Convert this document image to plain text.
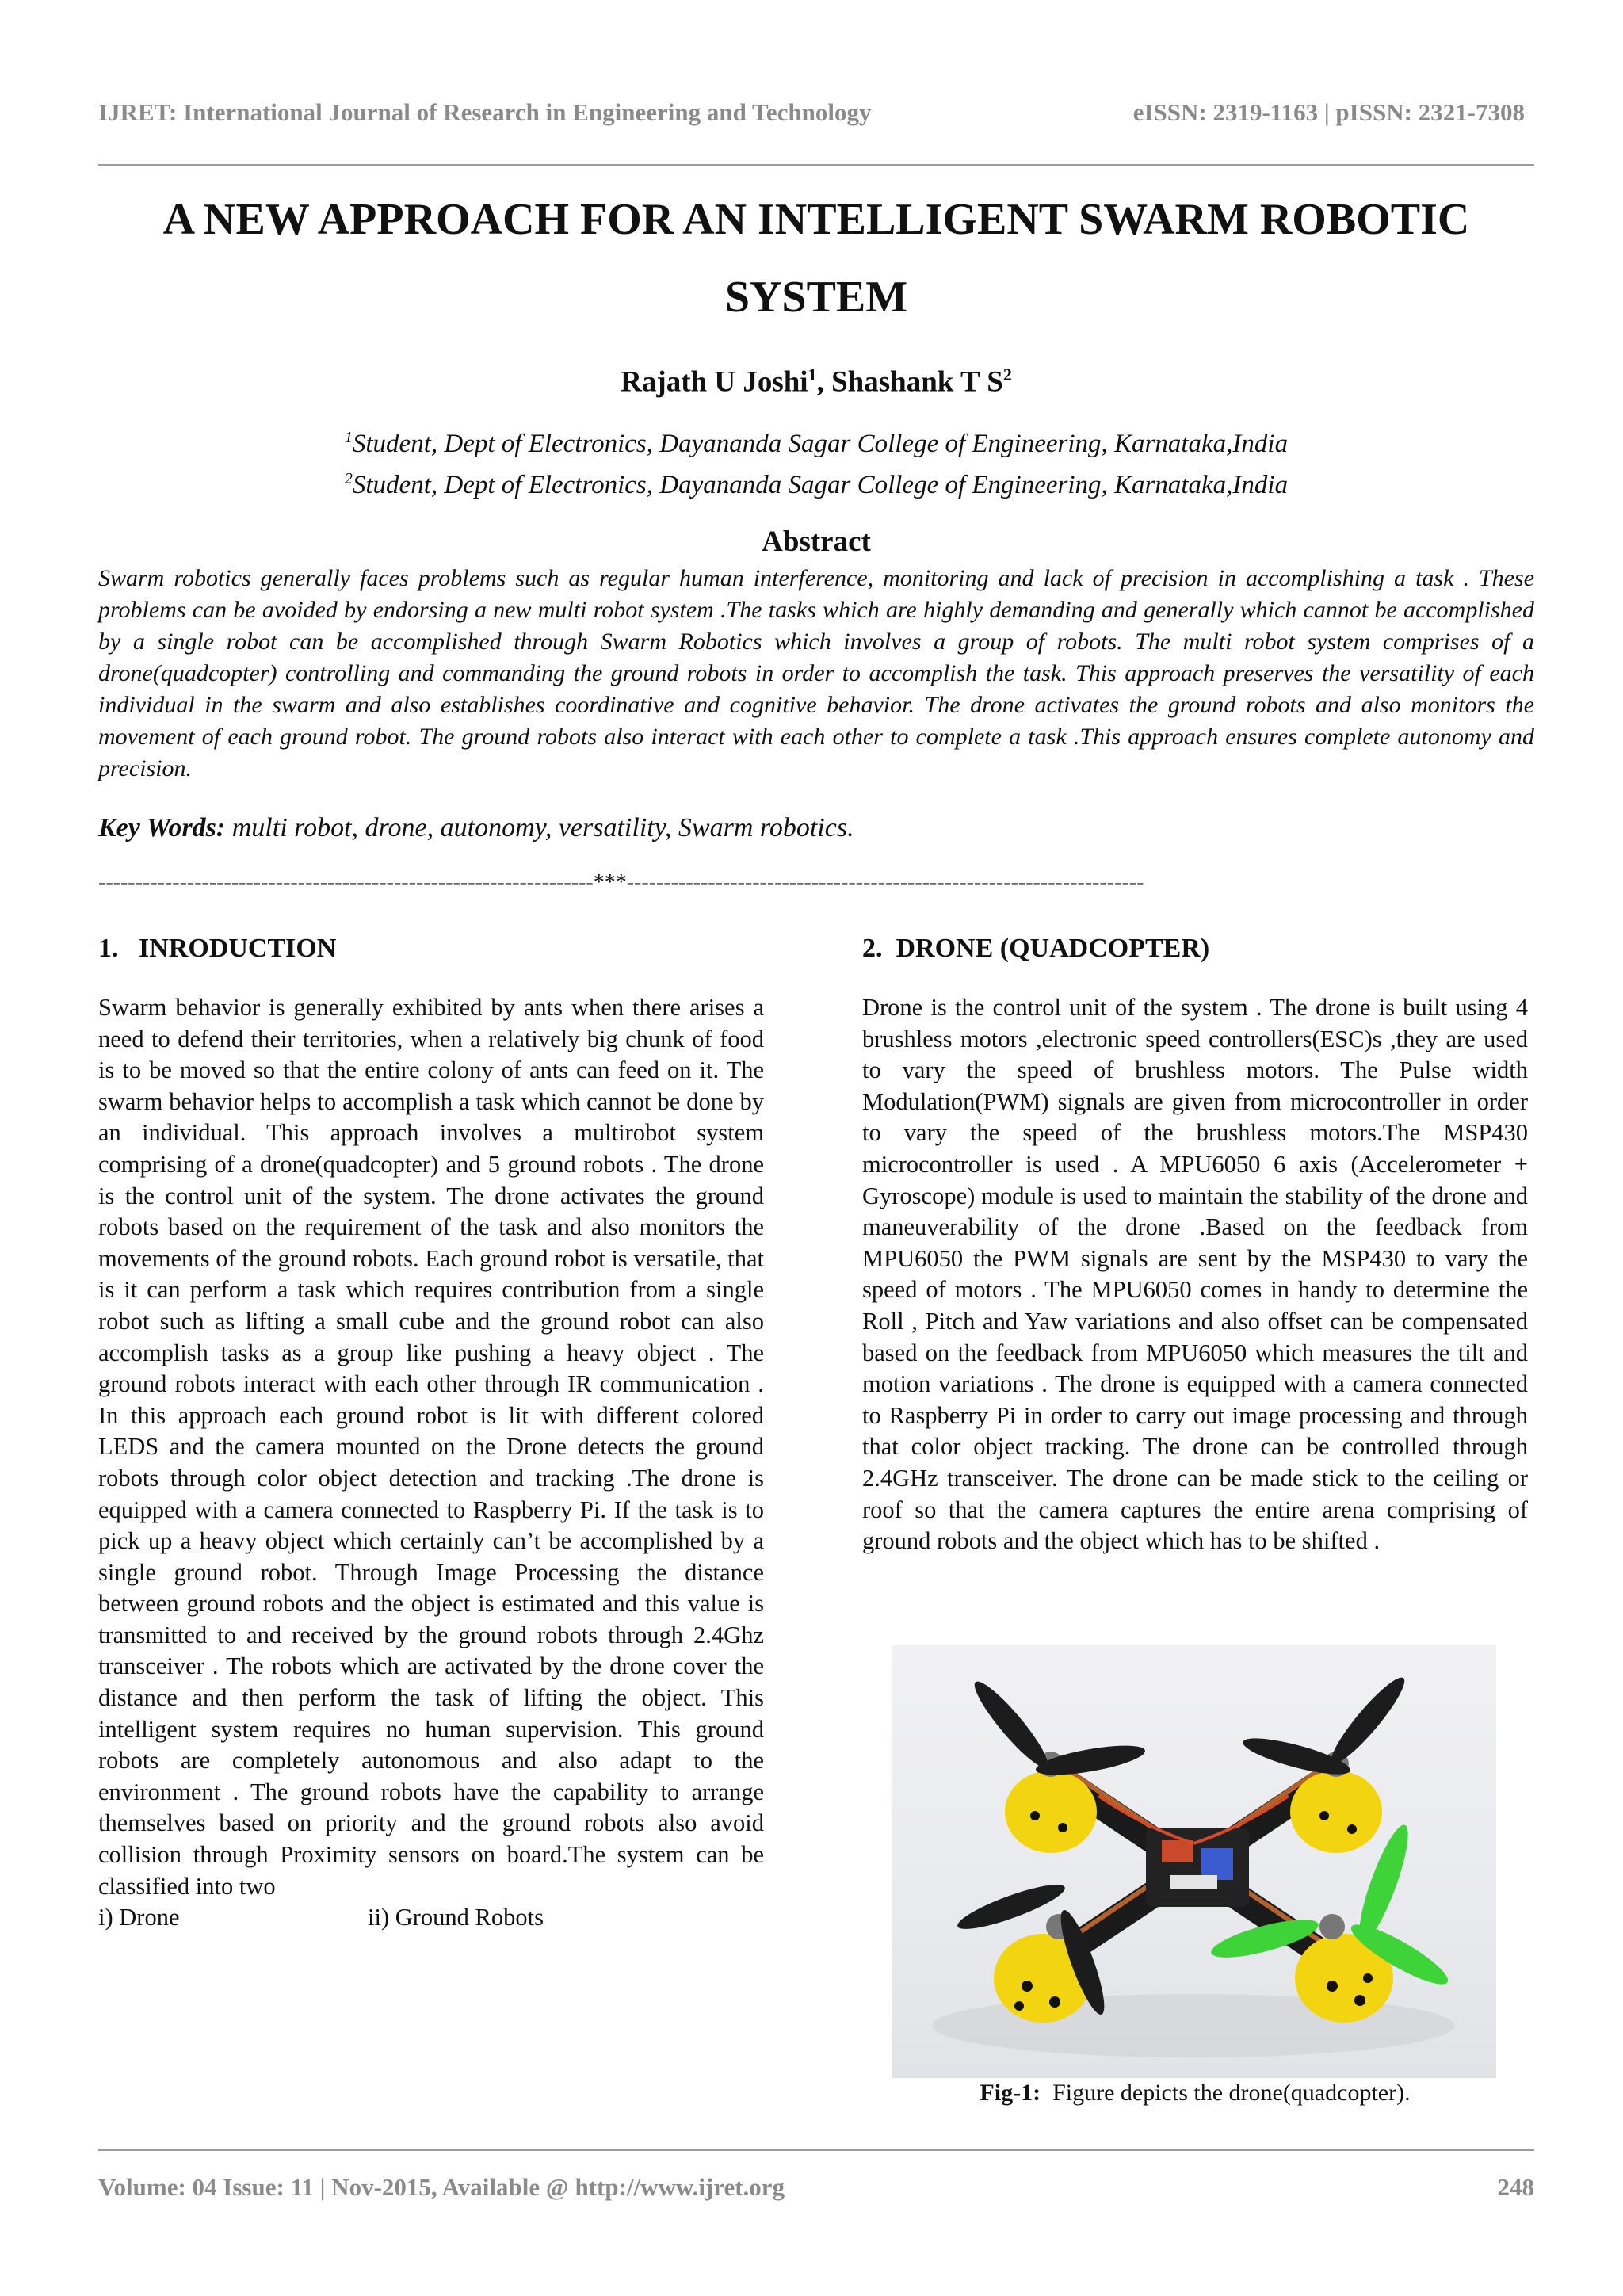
IJRET: International Journal of Research in Engineering and Technology	eISSN: 2319-1163 | pISSN: 2321-7308
A NEW APPROACH FOR AN INTELLIGENT SWARM ROBOTIC
SYSTEM
Rajath U Joshi$^1$, Shashank T $S^2$
$^1$Student, Dept of Electronics, Dayananda Sagar College of Engineering, Karnataka,India
$^2$Student, Dept of Electronics, Dayananda Sagar College of Engineering, Karnataka,India
Abstract
Swarm robotics generally faces problems such as regular human interference, monitoring and lack of precision in accomplishing a task . These problems can be avoided by endorsing a new multi robot system .The tasks which are highly demanding and generally which cannot be accomplished by a single robot can be accomplished through Swarm Robotics which involves a group of robots. The multi robot system comprises of a drone(quadcopter) controlling and commanding the ground robots in order to accomplish the task. This approach preserves the versatility of each individual in the swarm and also establishes coordinative and cognitive behavior. The drone activates the ground robots and also monitors the movement of each ground robot. The ground robots also interact with each other to complete a task .This approach ensures complete autonomy and precision.
Key Words: multi robot, drone, autonomy, versatility, Swarm robotics.
-------------------------------------------------------------------***----------------------------------------------------------------------
1.   INRODUCTION

Swarm behavior is generally exhibited by ants when there arises a need to defend their territories, when a relatively big chunk of food is to be moved so that the entire colony of ants can feed on it. The swarm behavior helps to accomplish a task which cannot be done by an individual. This approach involves a multirobot system comprising of a drone(quadcopter) and 5 ground robots . The drone is the control unit of the system. The drone activates the ground robots based on the requirement of the task and also monitors the movements of the ground robots. Each ground robot is versatile, that is it can perform a task which requires contribution from a single robot such as lifting a small cube and the ground robot can also accomplish tasks as a group like pushing a heavy object . The ground robots interact with each other through IR communication . In this approach each ground robot is lit with different colored LEDS and the camera mounted on the Drone detects the ground robots through color object detection and tracking .The drone is equipped with a camera connected to Raspberry Pi. If the task is to pick up a heavy object which certainly can’t be accomplished by a single ground robot. Through Image Processing the distance between ground robots and the object is estimated and this value is transmitted to and received by the ground robots through 2.4Ghz transceiver . The robots which are activated by the drone cover the distance and then perform the task of lifting the object. This intelligent system requires no human supervision. This ground robots are completely autonomous and also adapt to the environment . The ground robots have the capability to arrange themselves based on priority and the ground robots also avoid collision through Proximity sensors on board.The system can be classified into two

i) Drone	ii) Ground Robots
2.  DRONE (QUADCOPTER)

Drone is the control unit of the system . The drone is built using 4 brushless motors ,electronic speed controllers(ESC)s ,they are used to vary the speed of brushless motors. The Pulse width Modulation(PWM) signals are given from microcontroller in order to vary the speed of the brushless motors.The MSP430 microcontroller is used . A MPU6050 6 axis (Accelerometer + Gyroscope) module is used to maintain the stability of the drone and maneuverability of the drone .Based on the feedback from MPU6050 the PWM signals are sent by the MSP430 to vary the speed of motors . The MPU6050 comes in handy to determine the Roll , Pitch and Yaw variations and also offset can be compensated based on the feedback from MPU6050 which measures the tilt and motion variations . The drone is equipped with a camera connected to Raspberry Pi in order to carry out image processing and through that color object tracking. The drone can be controlled through 2.4GHz transceiver. The drone can be made stick to the ceiling or roof so that the camera captures the entire arena comprising of ground robots and the object which has to be shifted .

Fig-1:  Figure depicts the drone(quadcopter).
Volume: 04 Issue: 11 | Nov-2015, Available @ http://www.ijret.org	248
